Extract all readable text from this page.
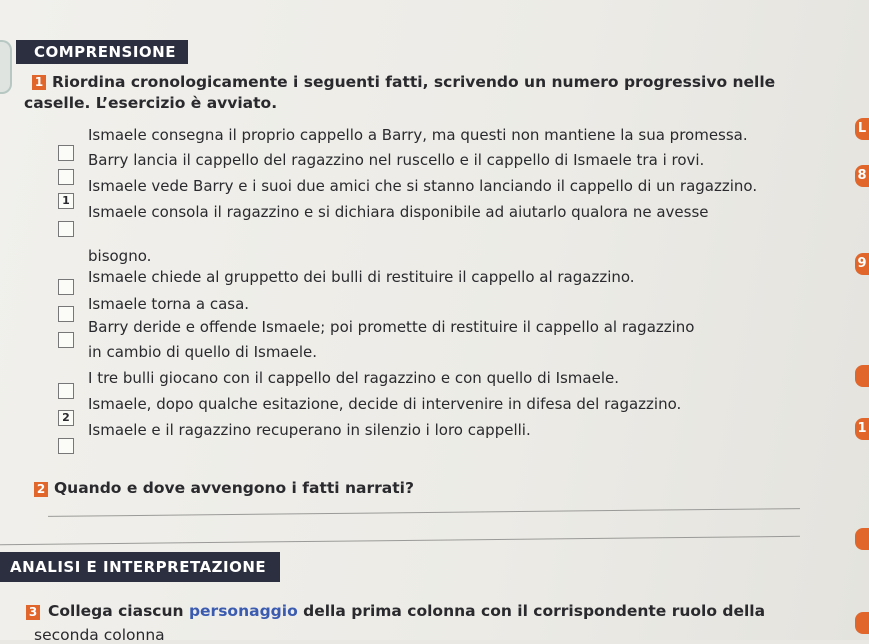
COMPRENSIONE
1 Riordina cronologicamente i seguenti fatti, scrivendo un numero progressivo nelle
caselle. L’esercizio è avviato.
Ismaele consegna il proprio cappello a Barry, ma questi non mantiene la sua promessa.
Barry lancia il cappello del ragazzino nel ruscello e il cappello di Ismaele tra i rovi.
1
Ismaele vede Barry e i suoi due amici che si stanno lanciando il cappello di un ragazzino.
Ismaele consola il ragazzino e si dichiara disponibile ad aiutarlo qualora ne avesse
bisogno.
Ismaele chiede al gruppetto dei bulli di restituire il cappello al ragazzino.
Ismaele torna a casa.
Barry deride e offende Ismaele; poi promette di restituire il cappello al ragazzino
in cambio di quello di Ismaele.
I tre bulli giocano con il cappello del ragazzino e con quello di Ismaele.
2
Ismaele, dopo qualche esitazione, decide di intervenire in difesa del ragazzino.
Ismaele e il ragazzino recuperano in silenzio i loro cappelli.
2 Quando e dove avvengono i fatti narrati?
ANALISI E INTERPRETAZIONE
3 Collega ciascun personaggio della prima colonna con il corrispondente ruolo della
seconda colonna
L
8
9
1
